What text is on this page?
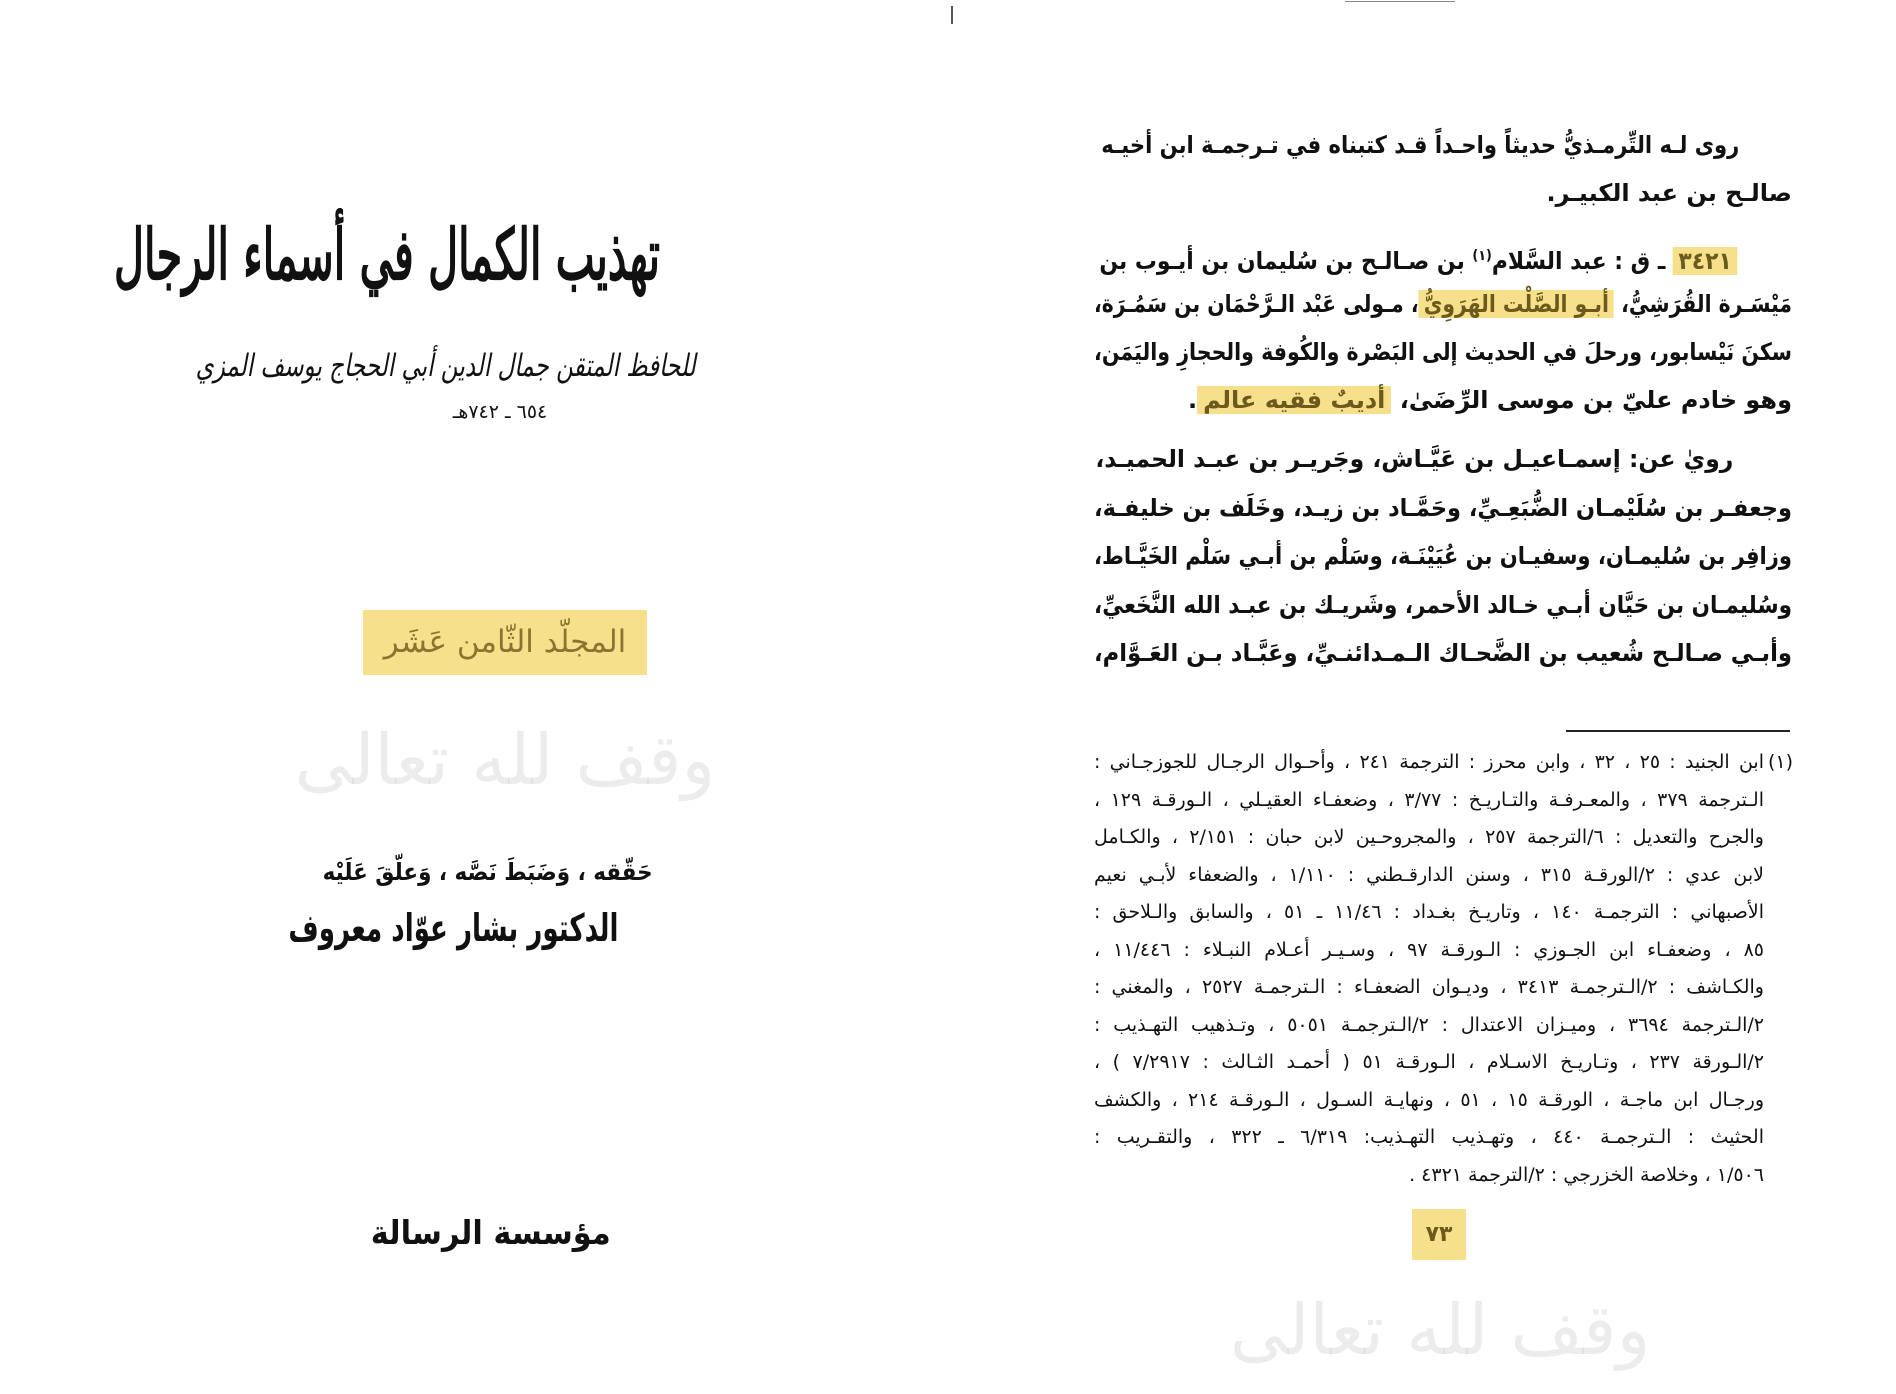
وقف لله تعالى
وقف لله تعالى
تهذيب الكمال في أسماء الرجال
للحافظ المتقن جمال الدين أبي الحجاج يوسف المزي
٦٥٤ ـ ٧٤٢هـ
المجلّد الثّامن عَشَر
حَقّقه ، وَضَبَطَ نَصَّه ، وَعلّقَ عَلَيْه
الدكتور بشار عوّاد معروف
مؤسسة الرسالة
روى لـه التِّرمـذيُّ حديثاً واحـداً قـد كتبناه في تـرجمـة ابن أخيـه
صالـح بن عبد الكبيـر.
٣٤٢١ ـ ق : عبد السَّلام$^{(١)}$ بن صـالـح بن سُليمان بن أيـوب بن
مَيْسَـرة القُرَشِيُّ، أبـو الصَّلْت الهَرَوِيُّ، مـولى عَبْد الـرَّحْمَان بن سَمُـرَة،
سكنَ نَيْسابور، ورحلَ في الحديث إلى البَصْرة والكُوفة والحجازِ واليَمَن،
وهو خادم عليّ بن موسى الرِّضَىٰ، أديبٌ فقيه عالم.
رويٰ عن: إسمـاعيـل بن عَيَّـاش، وجَريـر بن عبـد الحميـد،
وجعفـر بن سُلَيْمـان الضُّبَعِـيِّ، وحَمَّـاد بن زيـد، وخَلَف بن خليفـة،
وزافِر بن سُليمـان، وسفيـان بن عُيَيْنَـة، وسَلْم بن أبـي سَلْم الخَيَّـاط،
وسُليمـان بن حَيَّان أبـي خـالد الأحمر، وشَريـك بن عبـد الله النَّخَعيِّ،
وأبـي صـالـح شُعيب بن الضَّحـاك الـمـدائنـيِّ، وعَبَّـاد بـن العَـوَّام،
(١)
ابن الجنيد : ٢٥ ، ٣٢ ، وابن محرز : الترجمة ٢٤١ ، وأحـوال الرجـال للجوزجـاني :
الـترجمة ٣٧٩ ، والمعـرفـة والتـاريـخ : ٣/٧٧ ، وضعفـاء العقيـلي ، الـورقـة ١٢٩ ،
والجرح والتعديل : ٦/الترجمة ٢٥٧ ، والمجروحـين لابن حبان : ٢/١٥١ ، والكـامل
لابن عدي : ٢/الورقـة ٣١٥ ، وسنن الدارقـطني : ١/١١٠ ، والضعفاء لأبـي نعيم
الأصبهاني : الترجمـة ١٤٠ ، وتاريـخ بغـداد : ١١/٤٦ ـ ٥١ ، والسابق والـلاحق :
٨٥ ، وضعفـاء ابن الجـوزي : الـورقـة ٩٧ ، وسـيـر أعـلام النبـلاء : ١١/٤٤٦ ،
والكـاشف : ٢/الـترجمـة ٣٤١٣ ، وديـوان الضعفـاء : الـترجمـة ٢٥٢٧ ، والمغني :
٢/الـترجمة ٣٦٩٤ ، وميـزان الاعتدال : ٢/الـترجمـة ٥٠٥١ ، وتـذهيب التهـذيب :
٢/الـورقة ٢٣٧ ، وتـاريـخ الاسـلام ، الـورقـة ٥١ ( أحمـد الثـالث : ٧/٢٩١٧ ) ،
ورجـال ابن ماجـة ، الورقـة ١٥ ، ٥١ ، ونهايـة السـول ، الـورقـة ٢١٤ ، والكشف
الحثيث : الـترجمـة ٤٤٠ ، وتهـذيب التهـذيب: ٦/٣١٩ ـ ٣٢٢ ، والتقـريب :
١/٥٠٦ ، وخلاصة الخزرجي : ٢/الترجمة ٤٣٢١ .
٧٣
